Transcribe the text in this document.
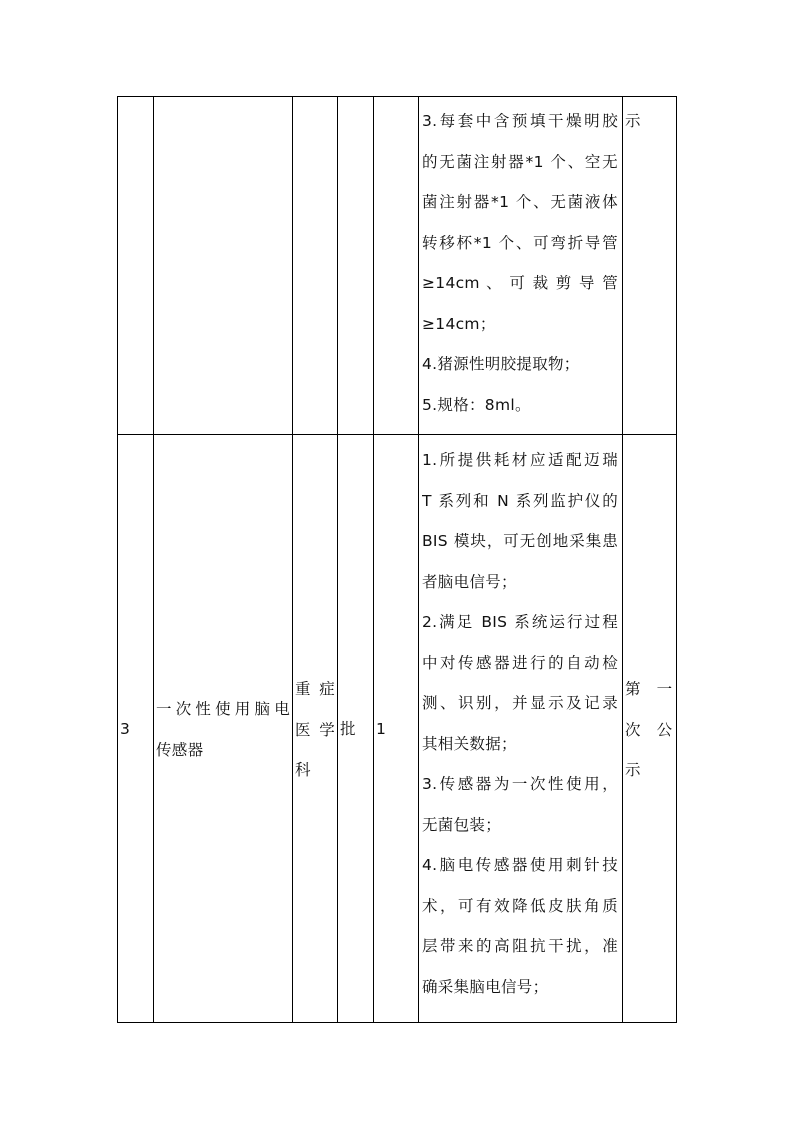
3.每套中含预填干燥明胶
的无菌注射器*1 个、空无
菌注射器*1 个、无菌液体
转移杯*1 个、可弯折导管
≥14cm 、 可 裁 剪 导 管
≥14cm；
4.猪源性明胶提取物；
5.规格：8ml。
示
3
一次性使用脑电
传感器
重 症
医 学
科
批	1
1.所提供耗材应适配迈瑞
T 系列和 N 系列监护仪的
BIS 模块，可无创地采集患
者脑电信号；
2.满足 BIS 系统运行过程
中对传感器进行的自动检
测、识别，并显示及记录
其相关数据；
3.传感器为一次性使用，
无菌包装；
4.脑电传感器使用刺针技
术，可有效降低皮肤角质
层带来的高阻抗干扰，准
确采集脑电信号；
第　一
次　公
示
